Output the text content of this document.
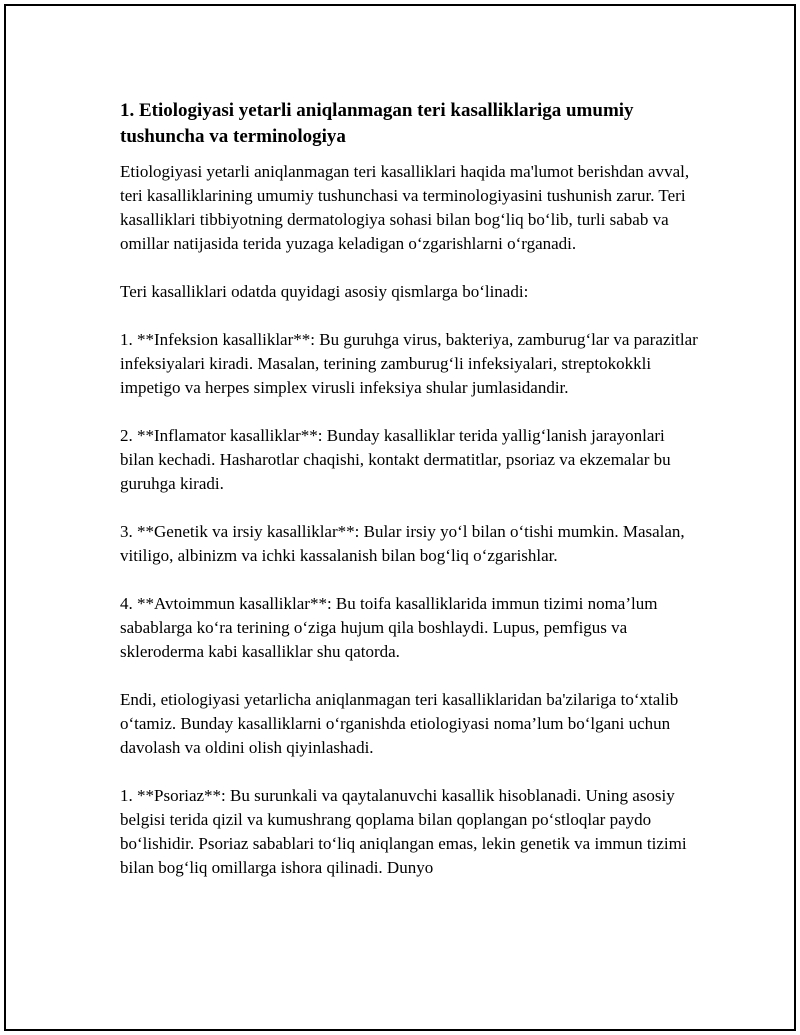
1. Etiologiyasi yetarli aniqlanmagan teri kasalliklariga umumiy tushuncha va terminologiya

Etiologiyasi yetarli aniqlanmagan teri kasalliklari haqida ma'lumot berishdan avval, teri kasalliklarining umumiy tushunchasi va terminologiyasini tushunish zarur. Teri kasalliklari tibbiyotning dermatologiya sohasi bilan bog‘liq bo‘lib, turli sabab va omillar natijasida terida yuzaga keladigan o‘zgarishlarni o‘rganadi.

Teri kasalliklari odatda quyidagi asosiy qismlarga bo‘linadi:

1. **Infeksion kasalliklar**: Bu guruhga virus, bakteriya, zamburug‘lar va parazitlar infeksiyalari kiradi. Masalan, terining zamburug‘li infeksiyalari, streptokokkli impetigo va herpes simplex virusli infeksiya shular jumlasidandir.

2. **Inflamator kasalliklar**: Bunday kasalliklar terida yallig‘lanish jarayonlari bilan kechadi. Hasharotlar chaqishi, kontakt dermatitlar, psoriaz va ekzemalar bu guruhga kiradi.

3. **Genetik va irsiy kasalliklar**: Bular irsiy yo‘l bilan o‘tishi mumkin. Masalan, vitiligo, albinizm va ichki kassalanish bilan bog‘liq o‘zgarishlar.

4. **Avtoimmun kasalliklar**: Bu toifa kasalliklarida immun tizimi noma’lum sabablarga ko‘ra terining o‘ziga hujum qila boshlaydi. Lupus, pemfigus va skleroderma kabi kasalliklar shu qatorda.

Endi, etiologiyasi yetarlicha aniqlanmagan teri kasalliklaridan ba'zilariga to‘xtalib o‘tamiz. Bunday kasalliklarni o‘rganishda etiologiyasi noma’lum bo‘lgani uchun davolash va oldini olish qiyinlashadi.

1. **Psoriaz**: Bu surunkali va qaytalanuvchi kasallik hisoblanadi. Uning asosiy belgisi terida qizil va kumushrang qoplama bilan qoplangan po‘stloqlar paydo bo‘lishidir. Psoriaz sabablari to‘liq aniqlangan emas, lekin genetik va immun tizimi bilan bog‘liq omillarga ishora qilinadi. Dunyo
